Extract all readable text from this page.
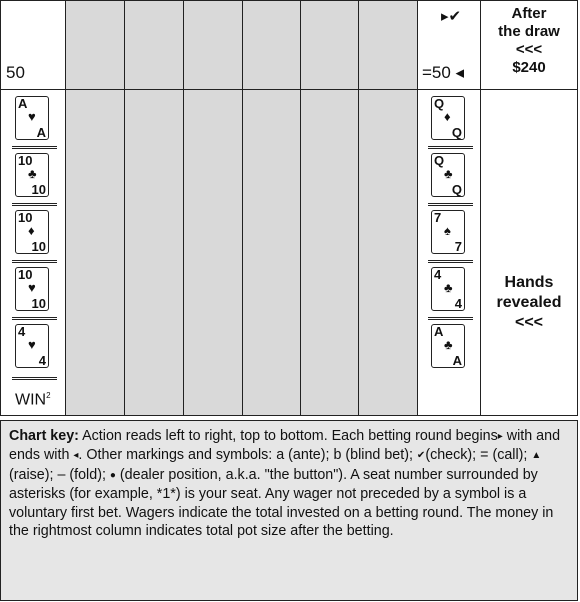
50
▸✔
=50 ◂
After
the draw
<<<
$240
A
♥
A
10
♣
10
10
♦
10
10
♥
10
4
♥
4
WIN$^2$
Q
♦
Q
Q
♣
Q
7
♠
7
4
♣
4
A
♣
A
Hands
revealed
<<<
Chart key: Action reads left to right, top to bottom. Each betting round begins▸ with and ends with ◂. Other markings and symbols: a (ante); b (blind bet); ✔(check); = (call); ▲ (raise); – (fold); ● (dealer position, a.k.a. "the button"). A seat number surrounded by asterisks (for example, *1*) is your seat. Any wager not preceded by a symbol is a voluntary first bet. Wagers indicate the total invested on a betting round. The money in the rightmost column indicates total pot size after the betting.
